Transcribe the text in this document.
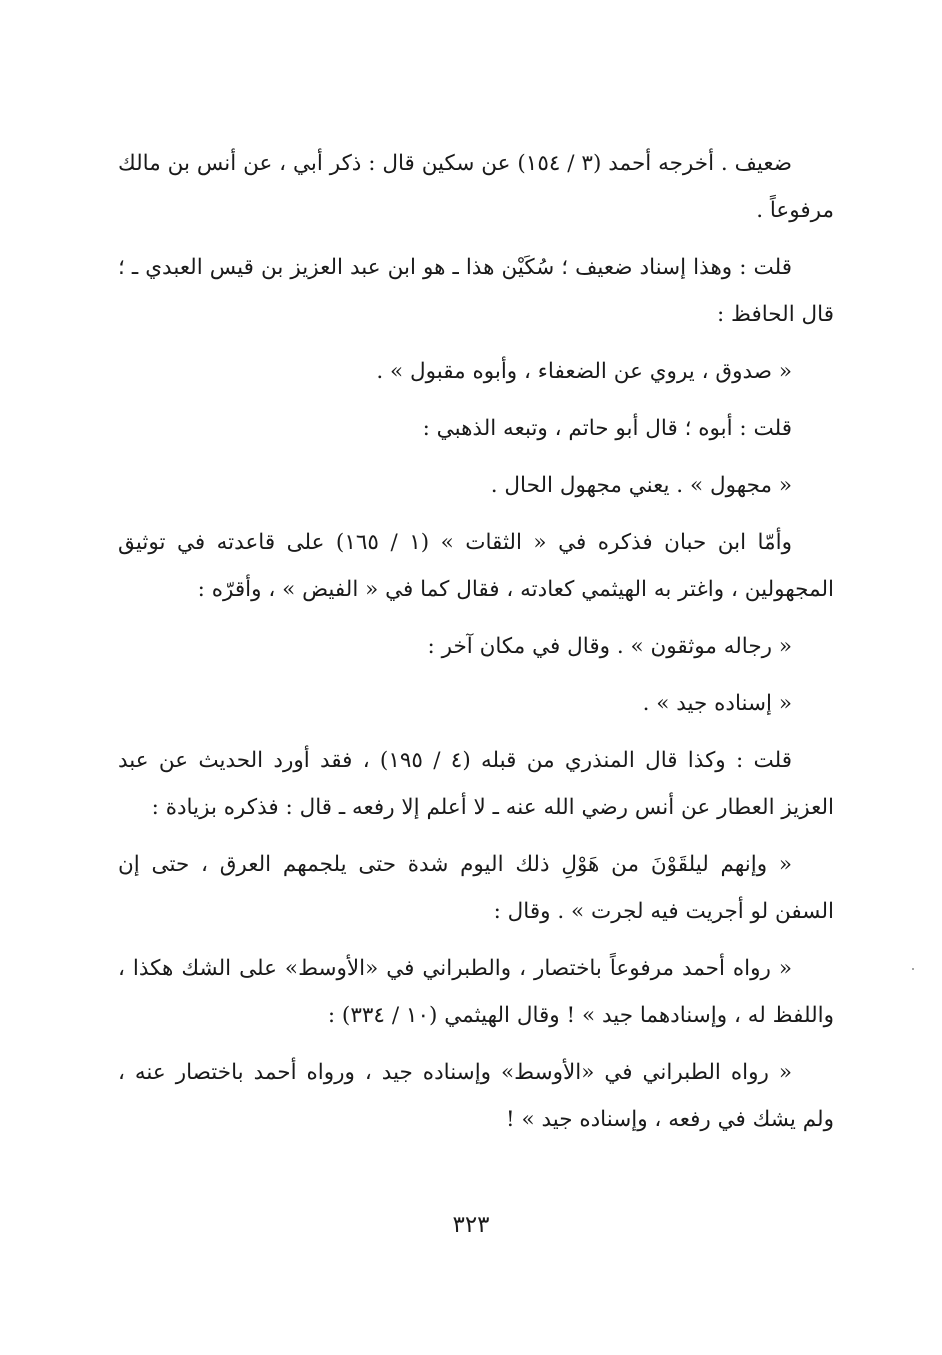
ضعيف . أخرجه أحمد (٣ / ١٥٤) عن سكين قال : ذكر أبي ، عن أنس بن مالك مرفوعاً .

قلت : وهذا إسناد ضعيف ؛ سُكَيْن هذا ـ هو ابن عبد العزيز بن قيس العبدي ـ ؛ قال الحافظ :

« صدوق ، يروي عن الضعفاء ، وأبوه مقبول » .

قلت : أبوه ؛ قال أبو حاتم ، وتبعه الذهبي :

« مجهول » . يعني مجهول الحال .

وأمّا ابن حبان فذكره في « الثقات » (١ / ١٦٥) على قاعدته في توثيق المجهولين ، واغتر به الهيثمي كعادته ، فقال كما في « الفيض » ، وأقرّه :

« رجاله موثقون » . وقال في مكان آخر :

« إسناده جيد » .

قلت : وكذا قال المنذري من قبله (٤ / ١٩٥) ، فقد أورد الحديث عن عبد العزيز العطار عن أنس رضي الله عنه ـ لا أعلم إلا رفعه ـ قال : فذكره بزيادة :

« وإنهم ليلقَوْنَ من هَوْلِ ذلك اليوم شدة حتى يلجمهم العرق ، حتى إن السفن لو أجريت فيه لجرت » . وقال :

« رواه أحمد مرفوعاً باختصار ، والطبراني في «الأوسط» على الشك هكذا ، واللفظ له ، وإسنادهما جيد » ! وقال الهيثمي (١٠ / ٣٣٤) :

« رواه الطبراني في «الأوسط» وإسناده جيد ، ورواه أحمد باختصار عنه ، ولم يشك في رفعه ، وإسناده جيد » !

٣٢٣
